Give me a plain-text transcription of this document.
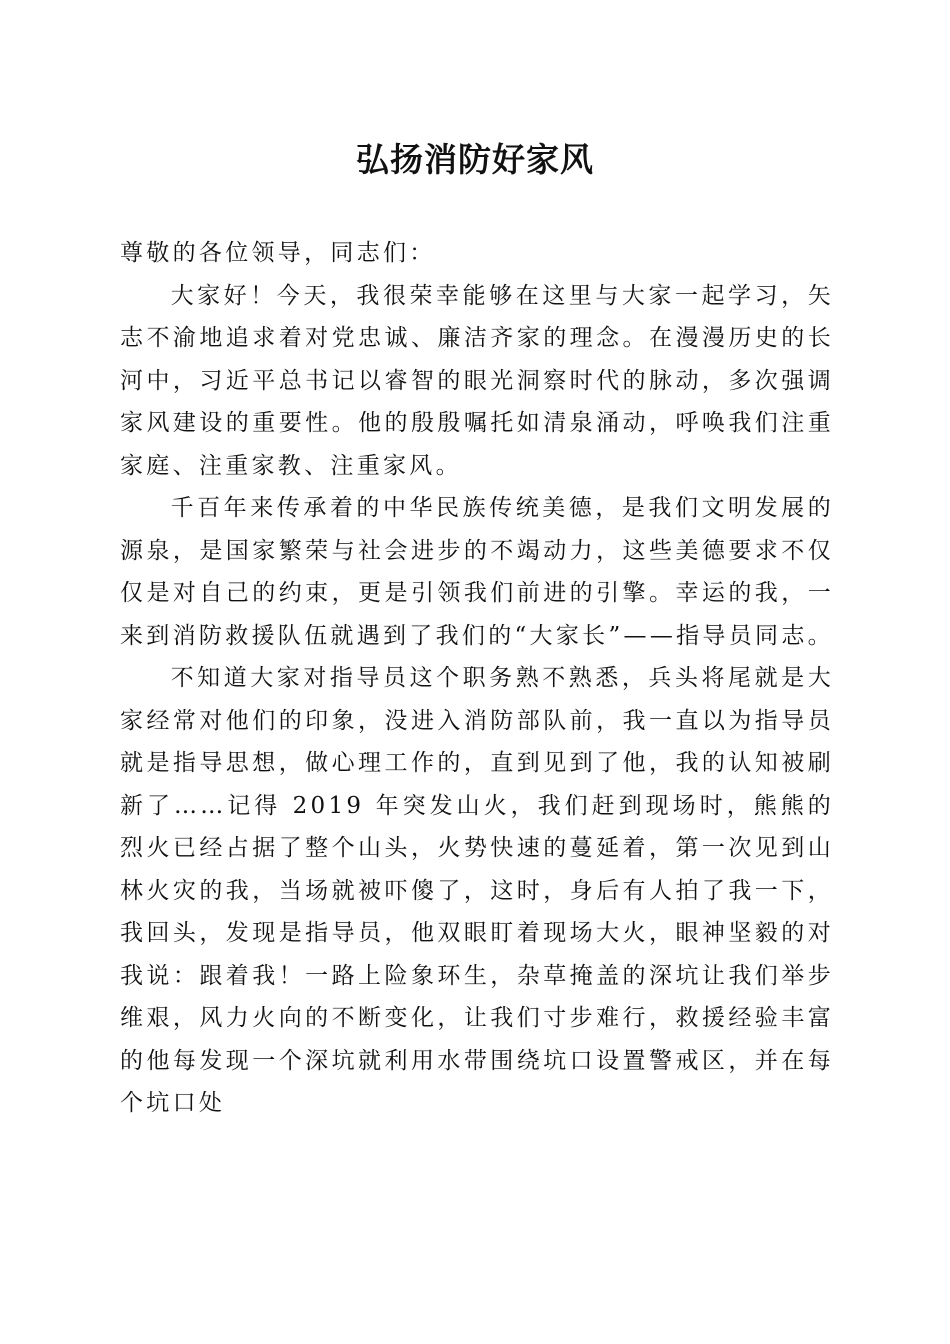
弘扬消防好家风

尊敬的各位领导，同志们：

大家好！今天，我很荣幸能够在这里与大家一起学习，矢志不渝地追求着对党忠诚、廉洁齐家的理念。在漫漫历史的长河中，习近平总书记以睿智的眼光洞察时代的脉动，多次强调家风建设的重要性。他的殷殷嘱托如清泉涌动，呼唤我们注重家庭、注重家教、注重家风。

千百年来传承着的中华民族传统美德，是我们文明发展的源泉，是国家繁荣与社会进步的不竭动力，这些美德要求不仅仅是对自己的约束，更是引领我们前进的引擎。幸运的我，一来到消防救援队伍就遇到了我们的“大家长”——指导员同志。

不知道大家对指导员这个职务熟不熟悉，兵头将尾就是大家经常对他们的印象，没进入消防部队前，我一直以为指导员就是指导思想，做心理工作的，直到见到了他，我的认知被刷新了……记得 2019 年突发山火，我们赶到现场时，熊熊的烈火已经占据了整个山头，火势快速的蔓延着，第一次见到山林火灾的我，当场就被吓傻了，这时，身后有人拍了我一下，我回头，发现是指导员，他双眼盯着现场大火，眼神坚毅的对我说：跟着我！一路上险象环生，杂草掩盖的深坑让我们举步维艰，风力火向的不断变化，让我们寸步难行，救援经验丰富的他每发现一个深坑就利用水带围绕坑口设置警戒区，并在每个坑口处
